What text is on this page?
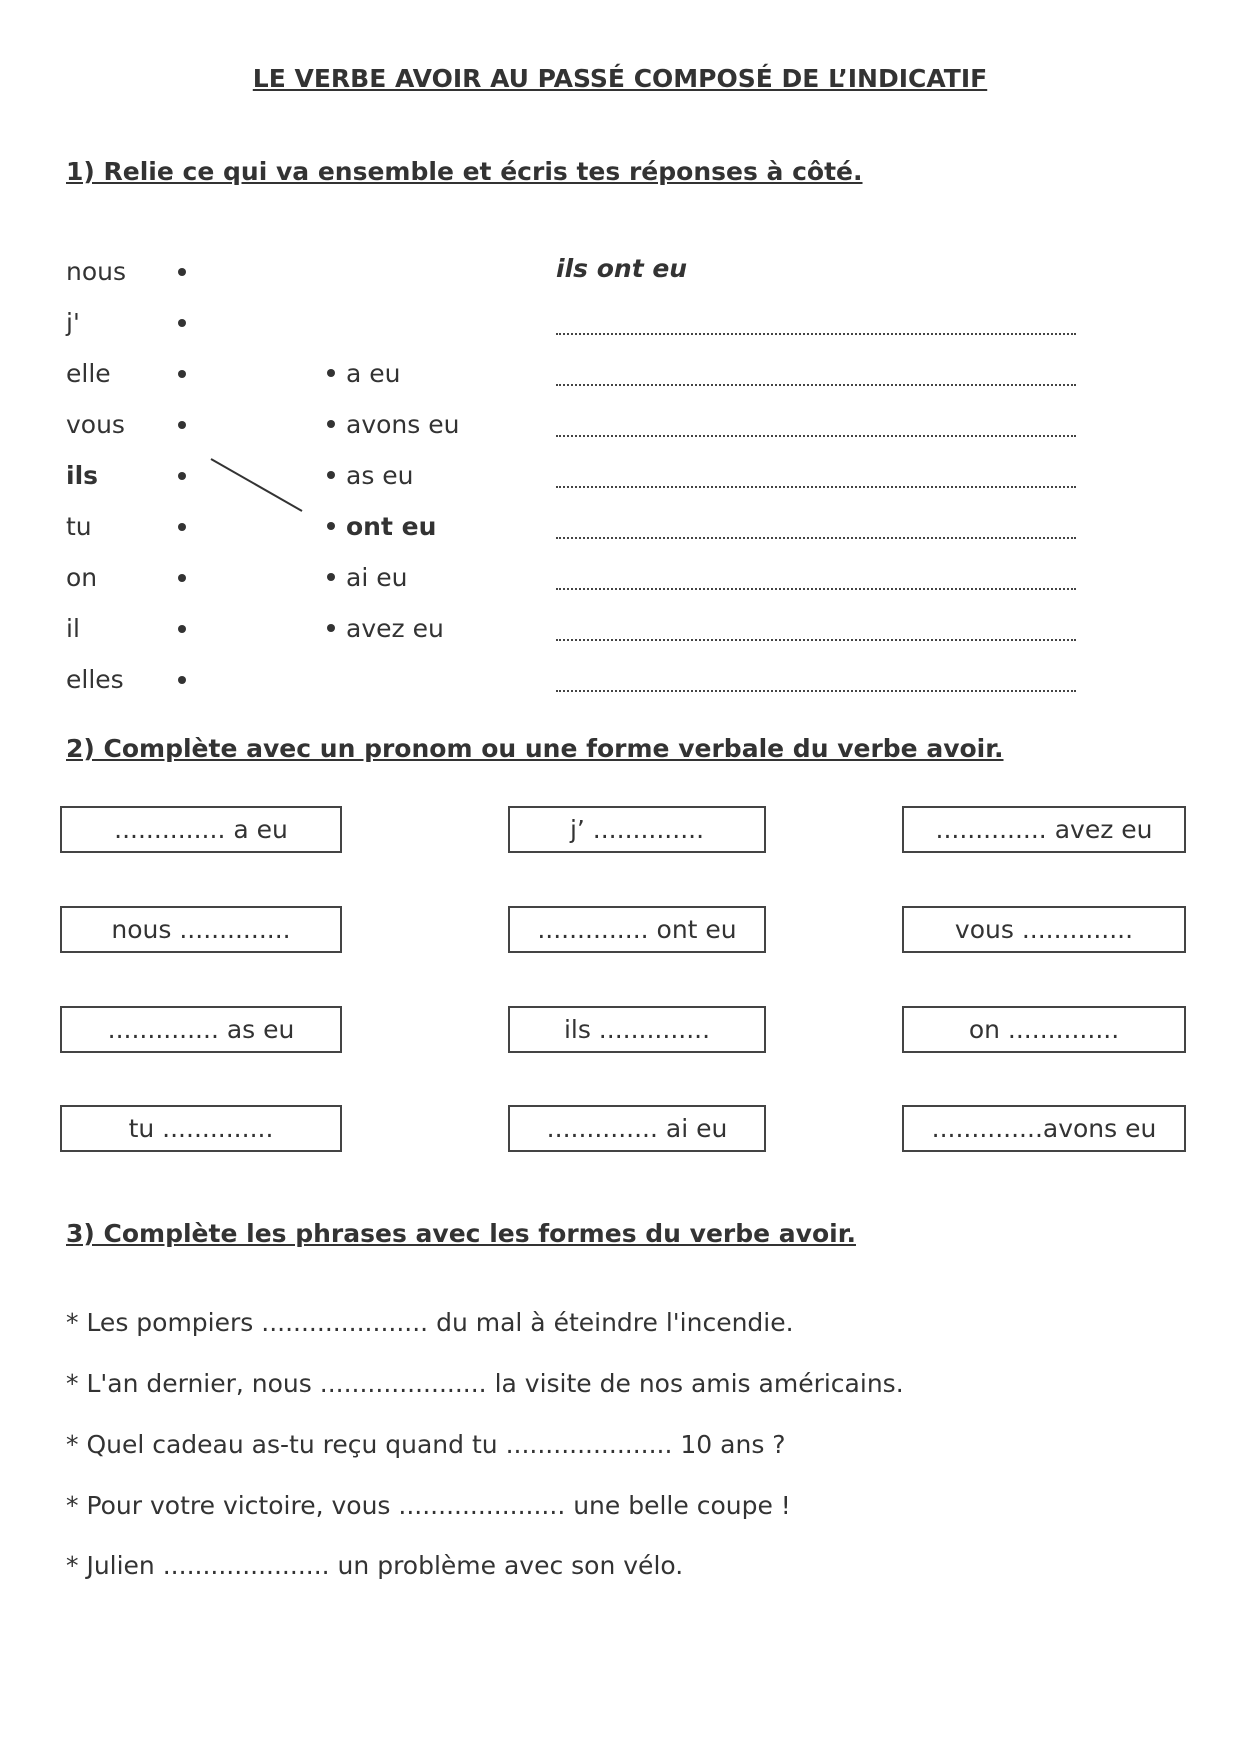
LE VERBE AVOIR AU PASSÉ COMPOSÉ DE L’INDICATIF
1) Relie ce qui va ensemble et écris tes réponses à côté.
nous
j'
elle
vous
ils
tu
on
il
elles
a eu
avons eu
as eu
ont eu
ai eu
avez eu
ils ont eu
2) Complète avec un pronom ou une forme verbale du verbe avoir.
.............. a eu	j’ ..............	.............. avez eu
nous ..............	.............. ont eu	vous ..............
.............. as eu	ils ..............	on ..............
tu ..............	.............. ai eu	..............avons eu
3) Complète les phrases avec les formes du verbe avoir.
* Les pompiers ..................... du mal à éteindre l'incendie.
* L'an dernier, nous ..................... la visite de nos amis américains.
* Quel cadeau as-tu reçu quand tu ..................... 10 ans ?
* Pour votre victoire, vous ..................... une belle coupe !
* Julien ..................... un problème avec son vélo.
